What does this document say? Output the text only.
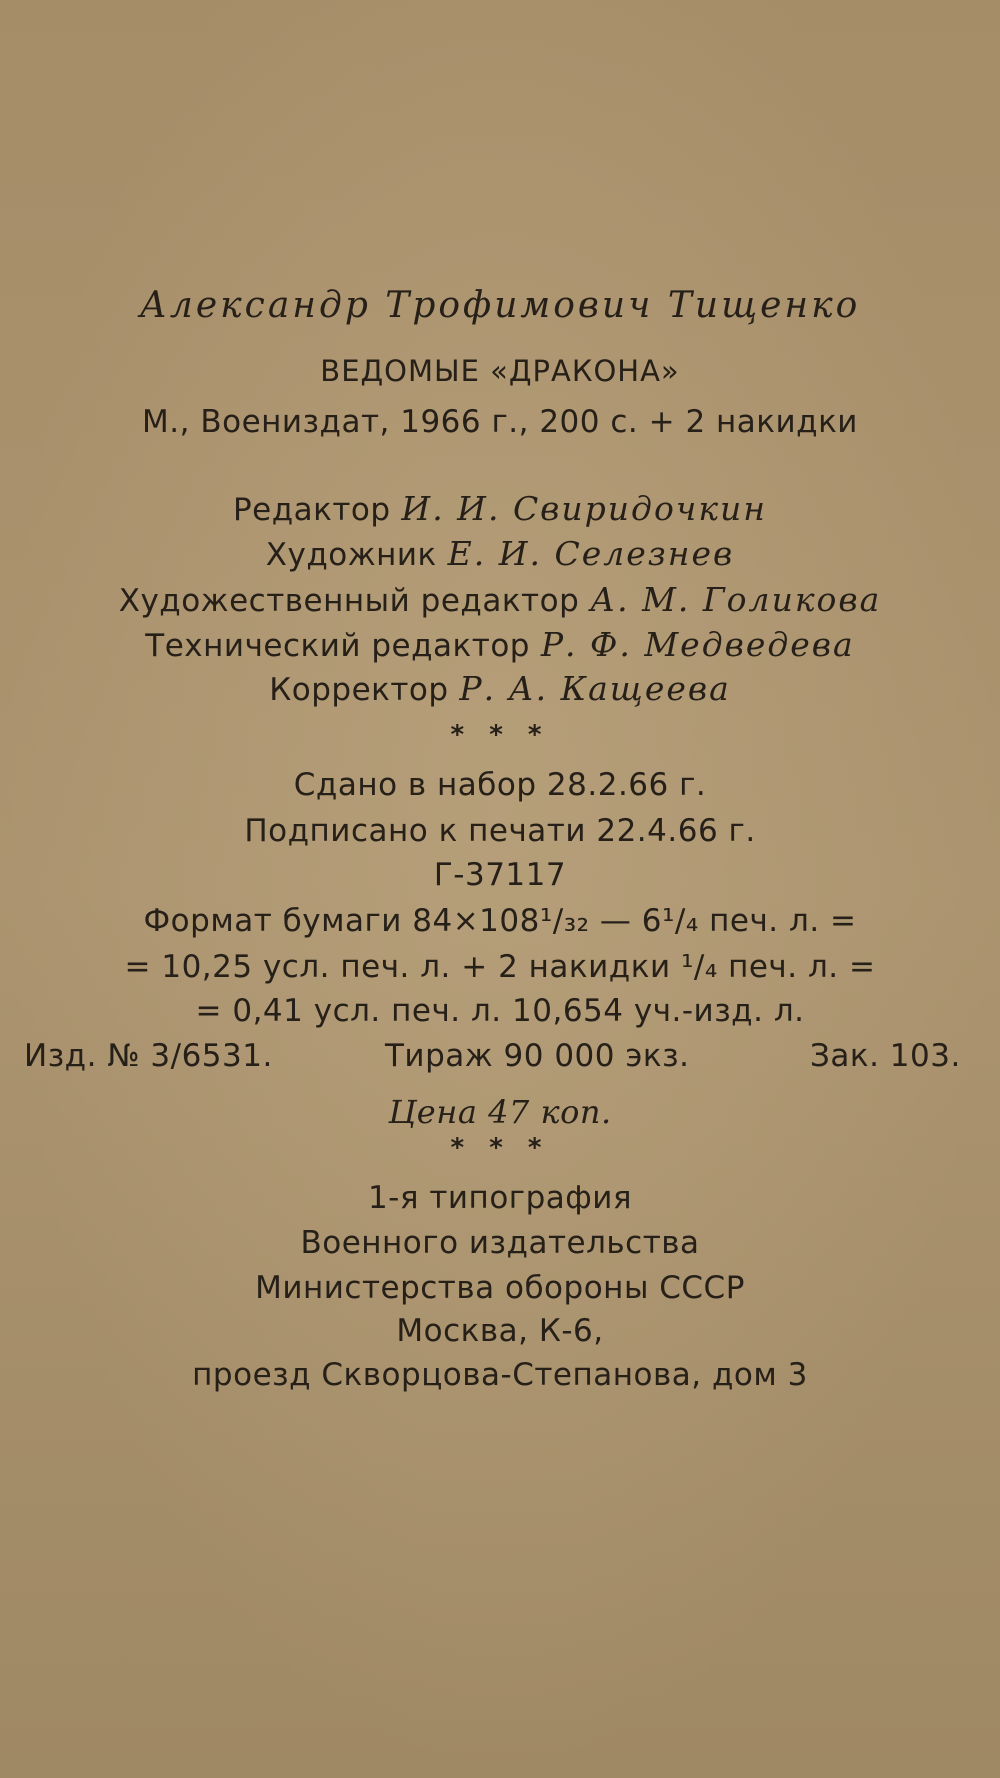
Александр Трофимович Тищенко
ВЕДОМЫЕ «ДРАКОНА»
М., Воениздат, 1966 г., 200 с. + 2 накидки
Редактор И. И. Свиридочкин
Художник Е. И. Селезнев
Художественный редактор А. М. Голикова
Технический редактор Р. Ф. Медведева
Корректор Р. А. Кащеева
* * *
Сдано в набор 28.2.66 г.
Подписано к печати 22.4.66 г.
Г-37117
Формат бумаги 84×108¹/₃₂ — 6¹/₄ печ. л. =
= 10,25 усл. печ. л. + 2 накидки ¹/₄ печ. л. =
= 0,41 усл. печ. л. 10,654 уч.-изд. л.
Изд. № 3/6531.	Тираж 90 000 экз.	Зак. 103.
Цена 47 коп.
* * *
1-я типография
Военного издательства
Министерства обороны СССР
Москва, К-6,
проезд Скворцова-Степанова, дом 3
